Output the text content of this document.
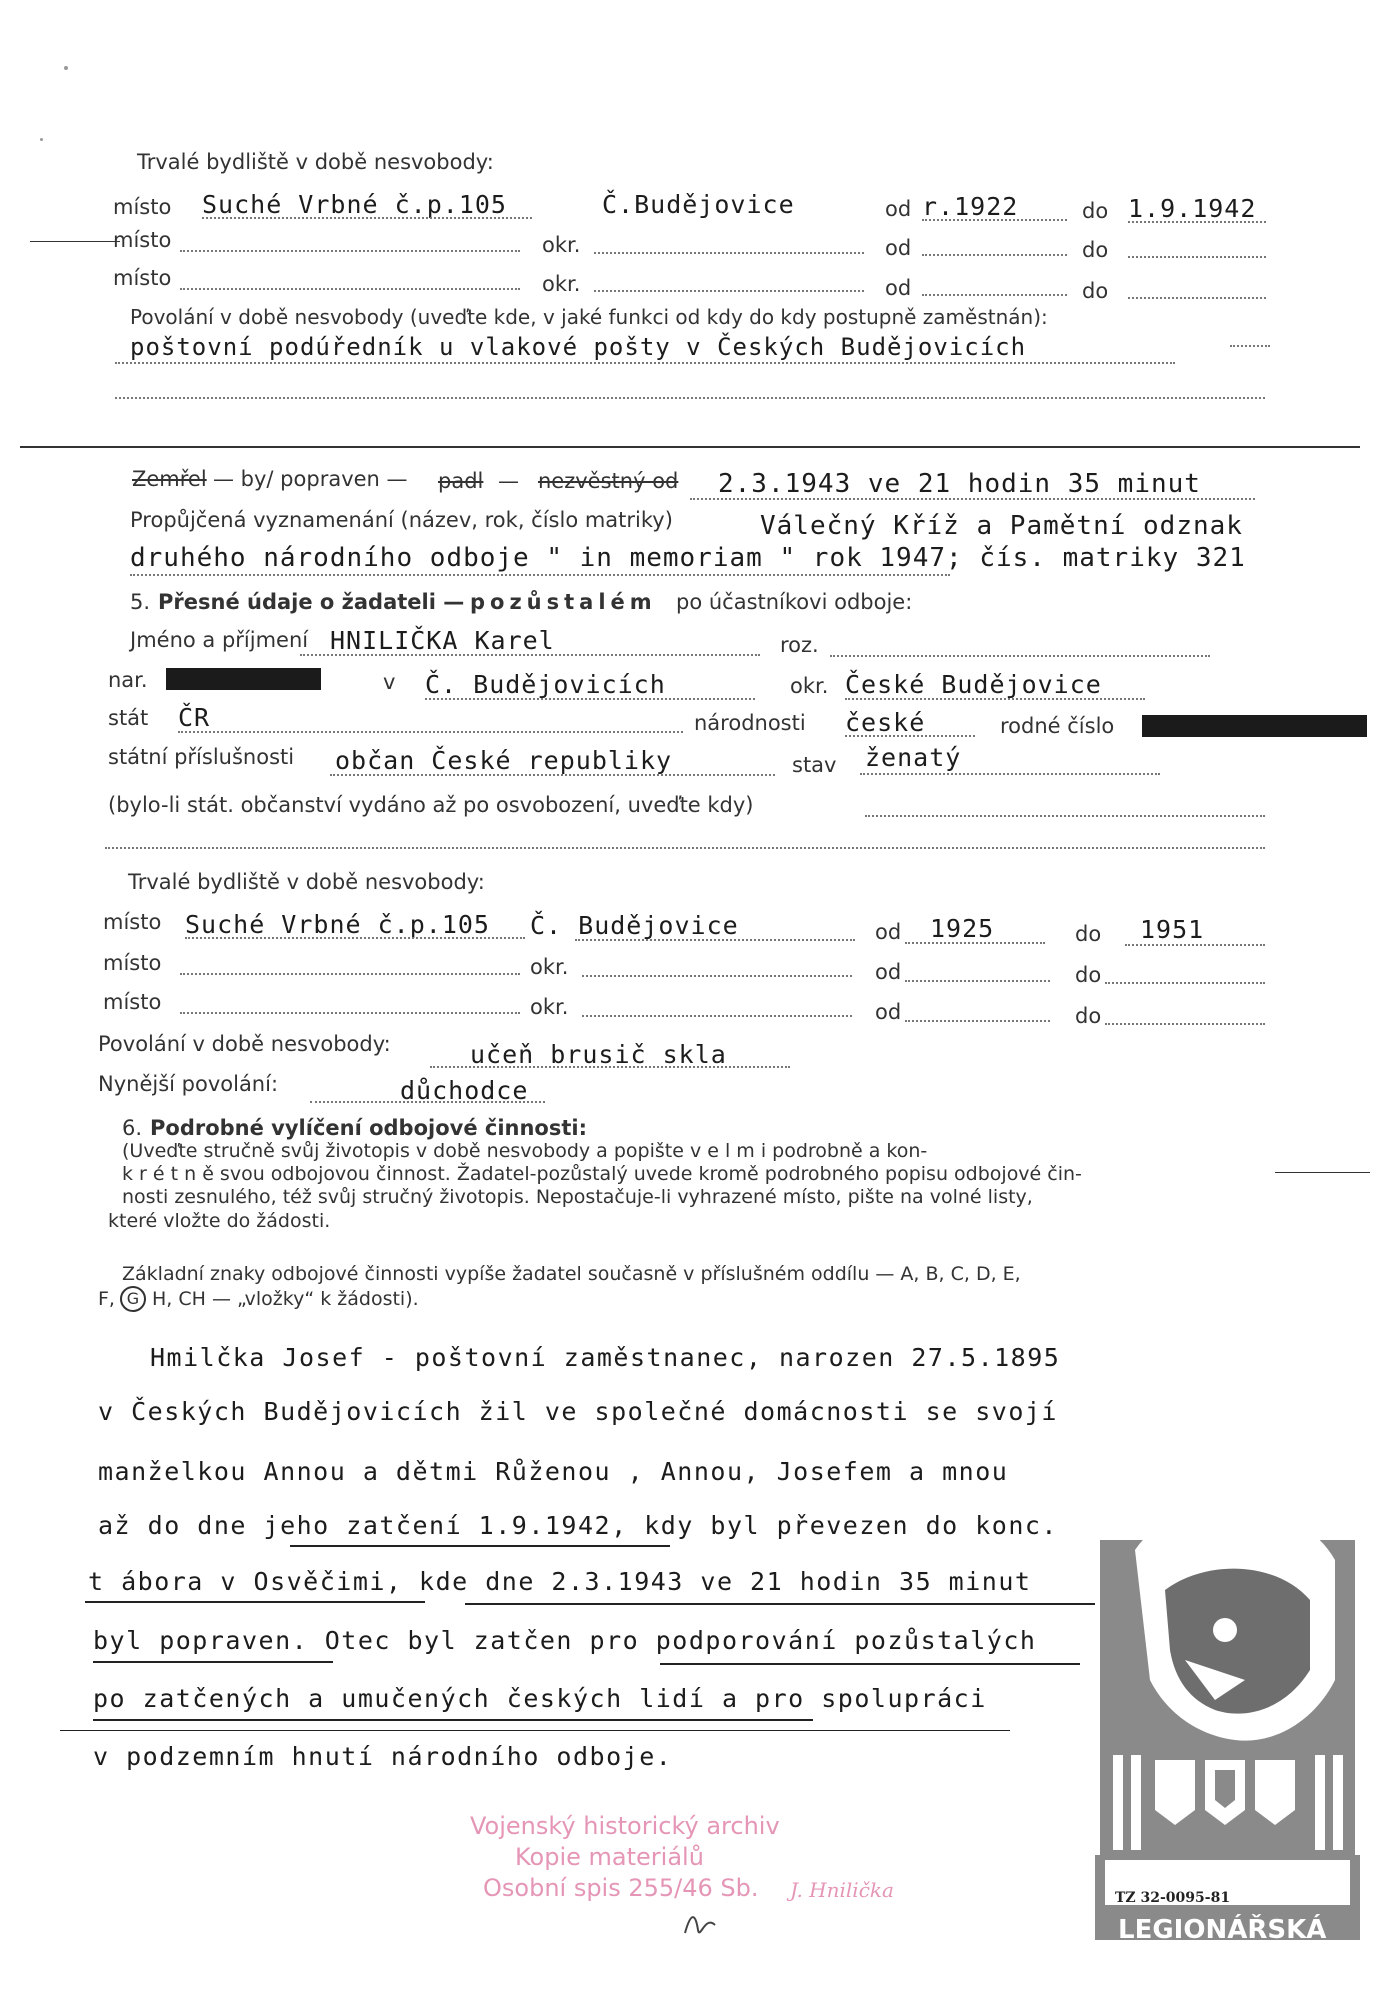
Trvalé bydliště v době nesvobody:
místo Suché Vrbné č.p.105	Č.Budějovice	od r.1922	do 1.9.1942
místo	okr.	od	do
místo	okr.	od	do
Povolání v době nesvobody (uveďte kde, v jaké funkci od kdy do kdy postupně zaměstnán):
poštovní podúředník u vlakové pošty v Českých Budějovicích
Zemřel — by/ popraven — padl — nezvěstný od 2.3.1943 ve 21 hodin 35 minut
Propůjčená vyznamenání (název, rok, číslo matriky)	Válečný Kříž a Pamětní odznak
druhého národního odboje " in memoriam " rok 1947; čís. matriky 321
5. Přesné údaje o žadateli — pozůstalém po účastníkovi odboje:
Jméno a příjmení HNILIČKA Karel	roz.
nar.	v Č. Budějovicích	okr. České Budějovice
stát ČR	národnosti české	rodné číslo
státní příslušnosti občan České republiky	stav ženatý
(bylo-li stát. občanství vydáno až po osvobození, uveďte kdy)
Trvalé bydliště v době nesvobody:
místo Suché Vrbné č.p.105 Č. Budějovice	od 1925	do 1951
místo	okr.	od	do
místo	okr.	od	do
Povolání v době nesvobody:	učeň brusič skla
Nynější povolání:	důchodce
6. Podrobné vylíčení odbojové činnosti:
(Uveďte stručně svůj životopis v době nesvobody a popište v e l m i podrobně a kon-
k r é t n ě svou odbojovou činnost. Žadatel-pozůstalý uvede kromě podrobného popisu odbojové čin-
nosti zesnulého, též svůj stručný životopis. Nepostačuje-li vyhrazené místo, pište na volné listy,
které vložte do žádosti.
Základní znaky odbojové činnosti vypíše žadatel současně v příslušném oddílu — A, B, C, D, E,
F, G H, CH — „vložky“ k žádosti).
Hmilčka Josef - poštovní zaměstnanec, narozen 27.5.1895
v Českých Budějovicích žil ve společné domácnosti se svojí
manželkou Annou a dětmi Růženou , Annou, Josefem a mnou
až do dne jeho zatčení 1.9.1942, kdy byl převezen do konc.
t ábora v Osvěčimi, kde dne 2.3.1943 ve 21 hodin 35 minut
byl popraven. Otec byl zatčen pro podporování pozůstalých
po zatčených a umučených českých lidí a pro spolupráci
v podzemním hnutí národního odboje.
Vojenský historický archiv
Kopie materiálů
Osobní spis 255/46 Sb. J. Hnilička	Č. SL. OBEC
LEGIONÁŘSKÁ
TZ 32-0095-81
